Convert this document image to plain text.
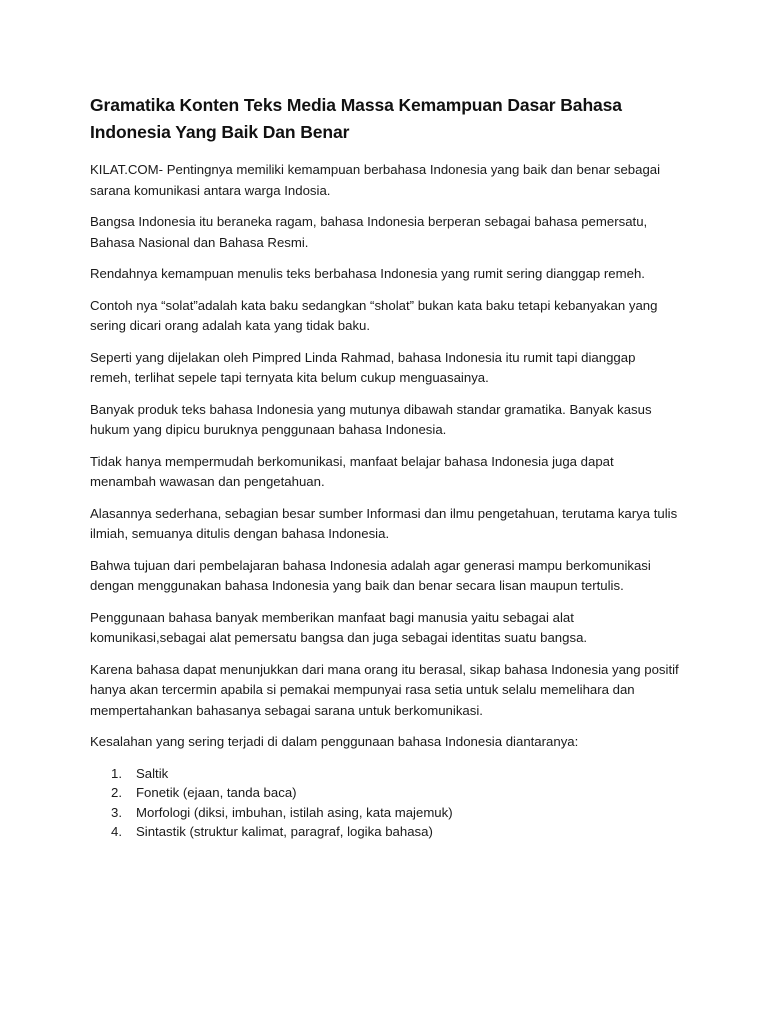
Gramatika Konten Teks Media Massa Kemampuan Dasar Bahasa Indonesia Yang Baik Dan Benar

KILAT.COM- Pentingnya memiliki kemampuan berbahasa Indonesia yang baik dan benar sebagai sarana komunikasi antara warga Indosia.

Bangsa Indonesia itu beraneka ragam, bahasa Indonesia berperan sebagai bahasa pemersatu, Bahasa Nasional dan Bahasa Resmi.

Rendahnya kemampuan menulis teks berbahasa Indonesia yang rumit sering dianggap remeh.

Contoh nya “solat”adalah kata baku sedangkan “sholat” bukan kata baku tetapi kebanyakan yang sering dicari orang adalah kata yang tidak baku.

Seperti yang dijelakan oleh Pimpred Linda Rahmad, bahasa Indonesia itu rumit tapi dianggap remeh, terlihat sepele tapi ternyata kita belum cukup menguasainya.

Banyak produk teks bahasa Indonesia yang mutunya dibawah standar gramatika. Banyak kasus hukum yang dipicu buruknya penggunaan bahasa Indonesia.

Tidak hanya mempermudah berkomunikasi, manfaat belajar bahasa Indonesia juga dapat menambah wawasan dan pengetahuan.

Alasannya sederhana, sebagian besar sumber Informasi dan ilmu pengetahuan, terutama karya tulis ilmiah, semuanya ditulis dengan bahasa Indonesia.

Bahwa tujuan dari pembelajaran bahasa Indonesia adalah agar generasi mampu berkomunikasi dengan menggunakan bahasa Indonesia yang baik dan benar secara lisan maupun tertulis.

Penggunaan bahasa banyak memberikan manfaat bagi manusia yaitu sebagai alat komunikasi,sebagai alat pemersatu bangsa dan juga sebagai identitas suatu bangsa.

Karena bahasa dapat menunjukkan dari mana orang itu berasal, sikap bahasa Indonesia yang positif hanya akan tercermin apabila si pemakai mempunyai rasa setia untuk selalu memelihara dan mempertahankan bahasanya sebagai sarana untuk berkomunikasi.

Kesalahan yang sering terjadi di dalam penggunaan bahasa Indonesia diantaranya:

1.	Saltik
2.	Fonetik (ejaan, tanda baca)
3.	Morfologi (diksi, imbuhan, istilah asing, kata majemuk)
4.	Sintastik (struktur kalimat, paragraf, logika bahasa)
